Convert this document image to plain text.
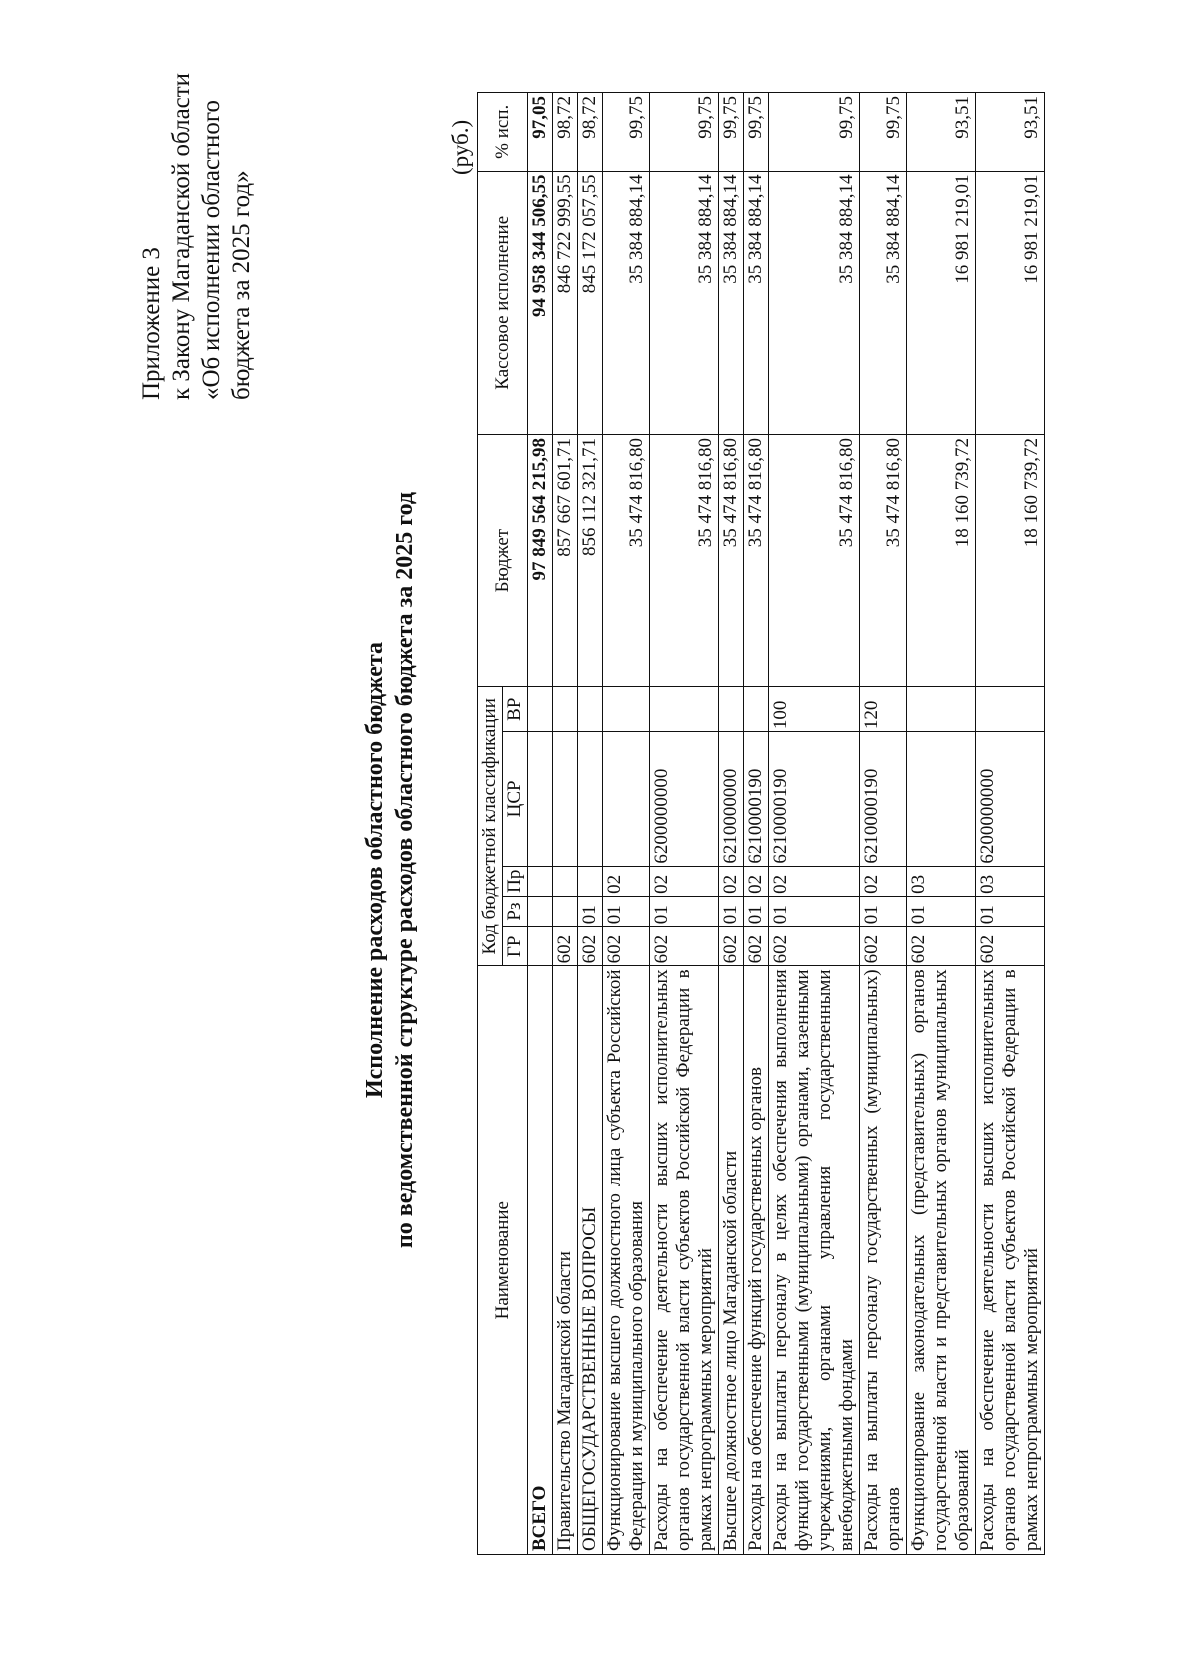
Приложение 3 к Закону Магаданской области «Об
исполнении
областного
бюджета за 2025 год»
Исполнение расходов областного бюджета по ведомственной структуре расходов областного бюджета за 2025 год
(руб.)
Наименование	Код бюджетной классификации					Бюджет	Кассовое исполнение	% исп.
	ГР	Рз	Пр	ЦСР	ВР			
ВСЕГО						97 849 564 215,98	94 958 344 506,55	97,05
Правительство Магаданской области	602					857 667 601,71	846 722 999,55	98,72
ОБЩЕГОСУДАРСТВЕННЫЕ ВОПРОСЫ	602	01				856 112 321,71	845 172 057,55	98,72
Функционирование высшего должностного лица субъекта Российской Федерации и муниципального образования	602	01	02			35 474 816,80	35 384 884,14	99,75
Расходы на обеспечение деятельности высших исполнительных органов государственной власти субъектов Российской Федерации в рамках непрограммных мероприятий	602	01	02	6200000000		35 474 816,80	35 384 884,14	99,75
Высшее должностное лицо Магаданской области	602	01	02	6210000000		35 474 816,80	35 384 884,14	99,75
Расходы на обеспечение функций государственных органов	602	01	02	6210000190		35 474 816,80	35 384 884,14	99,75
Расходы на выплаты персоналу в целях обеспечения выполнения функций государственными (муниципальными) органами, казенными учреждениями, органами управления государственными внебюджетными фондами	602	01	02	6210000190	100	35 474 816,80	35 384 884,14	99,75
Расходы на выплаты персоналу государственных (муниципальных) органов	602	01	02	6210000190	120	35 474 816,80	35 384 884,14	99,75
Функционирование законодательных (представительных) органов государственной власти и представительных органов муниципальных образований	602	01	03			18 160 739,72	16 981 219,01	93,51
Расходы на обеспечение деятельности высших исполнительных органов государственной власти субъектов Российской Федерации в рамках непрограммных мероприятий	602	01	03	6200000000		18 160 739,72	16 981 219,01	93,51
